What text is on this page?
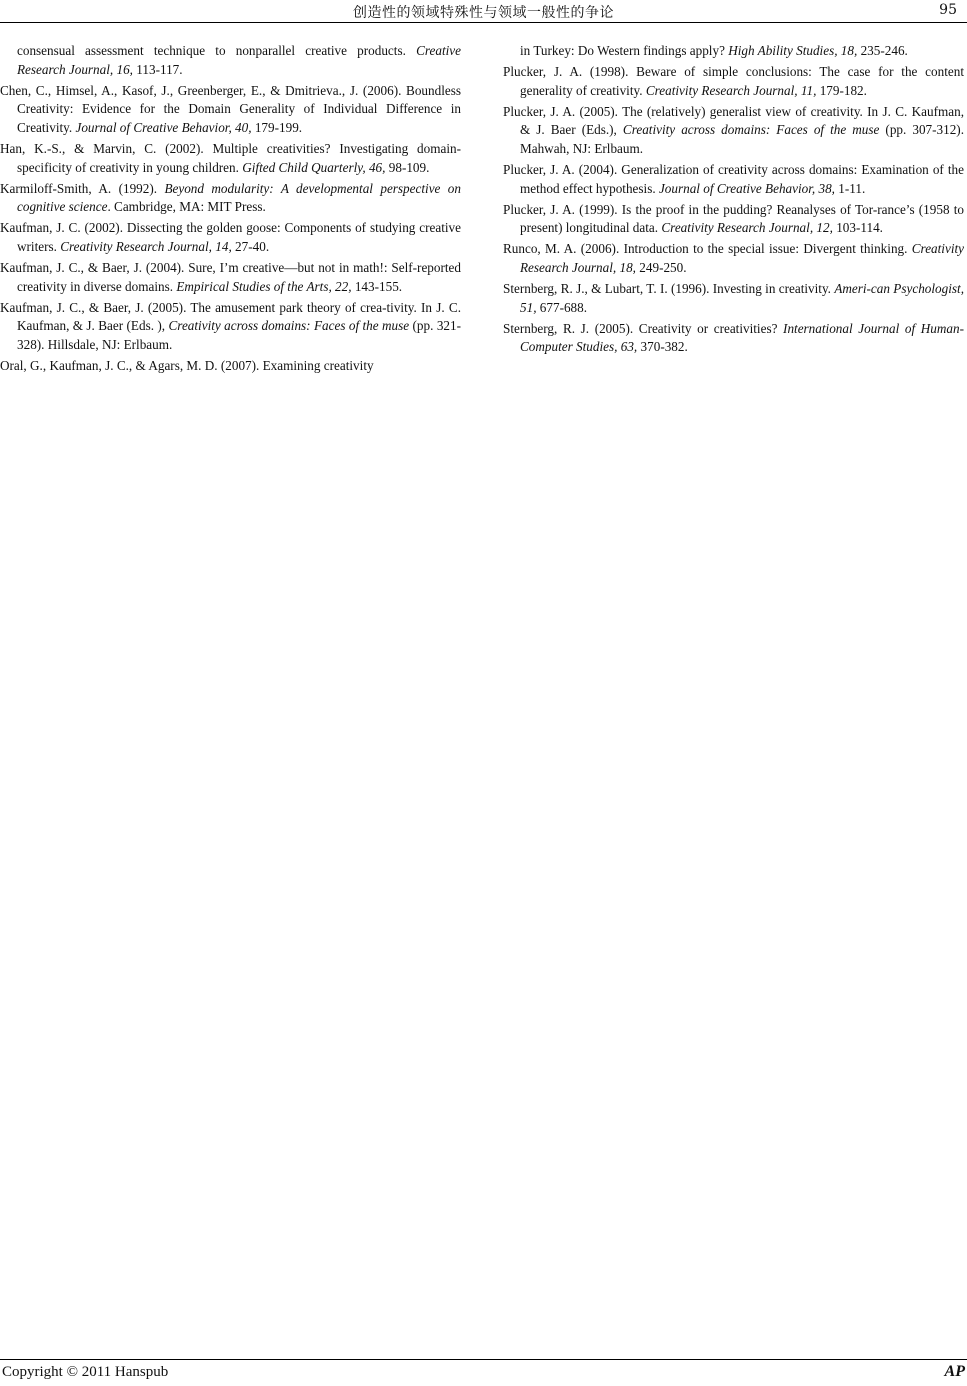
创造性的领域特殊性与领域一般性的争论	95

consensual assessment technique to nonparallel creative products. Creative Research Journal, 16, 113-117.

Chen, C., Himsel, A., Kasof, J., Greenberger, E., & Dmitrieva., J. (2006). Boundless Creativity: Evidence for the Domain Generality of Individual Difference in Creativity. Journal of Creative Behavior, 40, 179-199.

Han, K.-S., & Marvin, C. (2002). Multiple creativities? Investigating domain-specificity of creativity in young children. Gifted Child Quarterly, 46, 98-109.

Karmiloff-Smith, A. (1992). Beyond modularity: A developmental perspective on cognitive science. Cambridge, MA: MIT Press.

Kaufman, J. C. (2002). Dissecting the golden goose: Components of studying creative writers. Creativity Research Journal, 14, 27-40.

Kaufman, J. C., & Baer, J. (2004). Sure, I’m creative—but not in math!: Self-reported creativity in diverse domains. Empirical Studies of the Arts, 22, 143-155.

Kaufman, J. C., & Baer, J. (2005). The amusement park theory of crea-tivity. In J. C. Kaufman, & J. Baer (Eds. ), Creativity across domains: Faces of the muse (pp. 321-328). Hillsdale, NJ: Erlbaum.

Oral, G., Kaufman, J. C., & Agars, M. D. (2007). Examining creativity

in Turkey: Do Western findings apply? High Ability Studies, 18, 235-246.

Plucker, J. A. (1998). Beware of simple conclusions: The case for the content generality of creativity. Creativity Research Journal, 11, 179-182.

Plucker, J. A. (2005). The (relatively) generalist view of creativity. In J. C. Kaufman, & J. Baer (Eds.), Creativity across domains: Faces of the muse (pp. 307-312). Mahwah, NJ: Erlbaum.

Plucker, J. A. (2004). Generalization of creativity across domains: Examination of the method effect hypothesis. Journal of Creative Behavior, 38, 1-11.

Plucker, J. A. (1999). Is the proof in the pudding? Reanalyses of Tor-rance’s (1958 to present) longitudinal data. Creativity Research Journal, 12, 103-114.

Runco, M. A. (2006). Introduction to the special issue: Divergent thinking. Creativity Research Journal, 18, 249-250.

Sternberg, R. J., & Lubart, T. I. (1996). Investing in creativity. Ameri-can Psychologist, 51, 677-688.

Sternberg, R. J. (2005). Creativity or creativities? International Journal of Human-Computer Studies, 63, 370-382.

Copyright © 2011 Hanspub	AP
